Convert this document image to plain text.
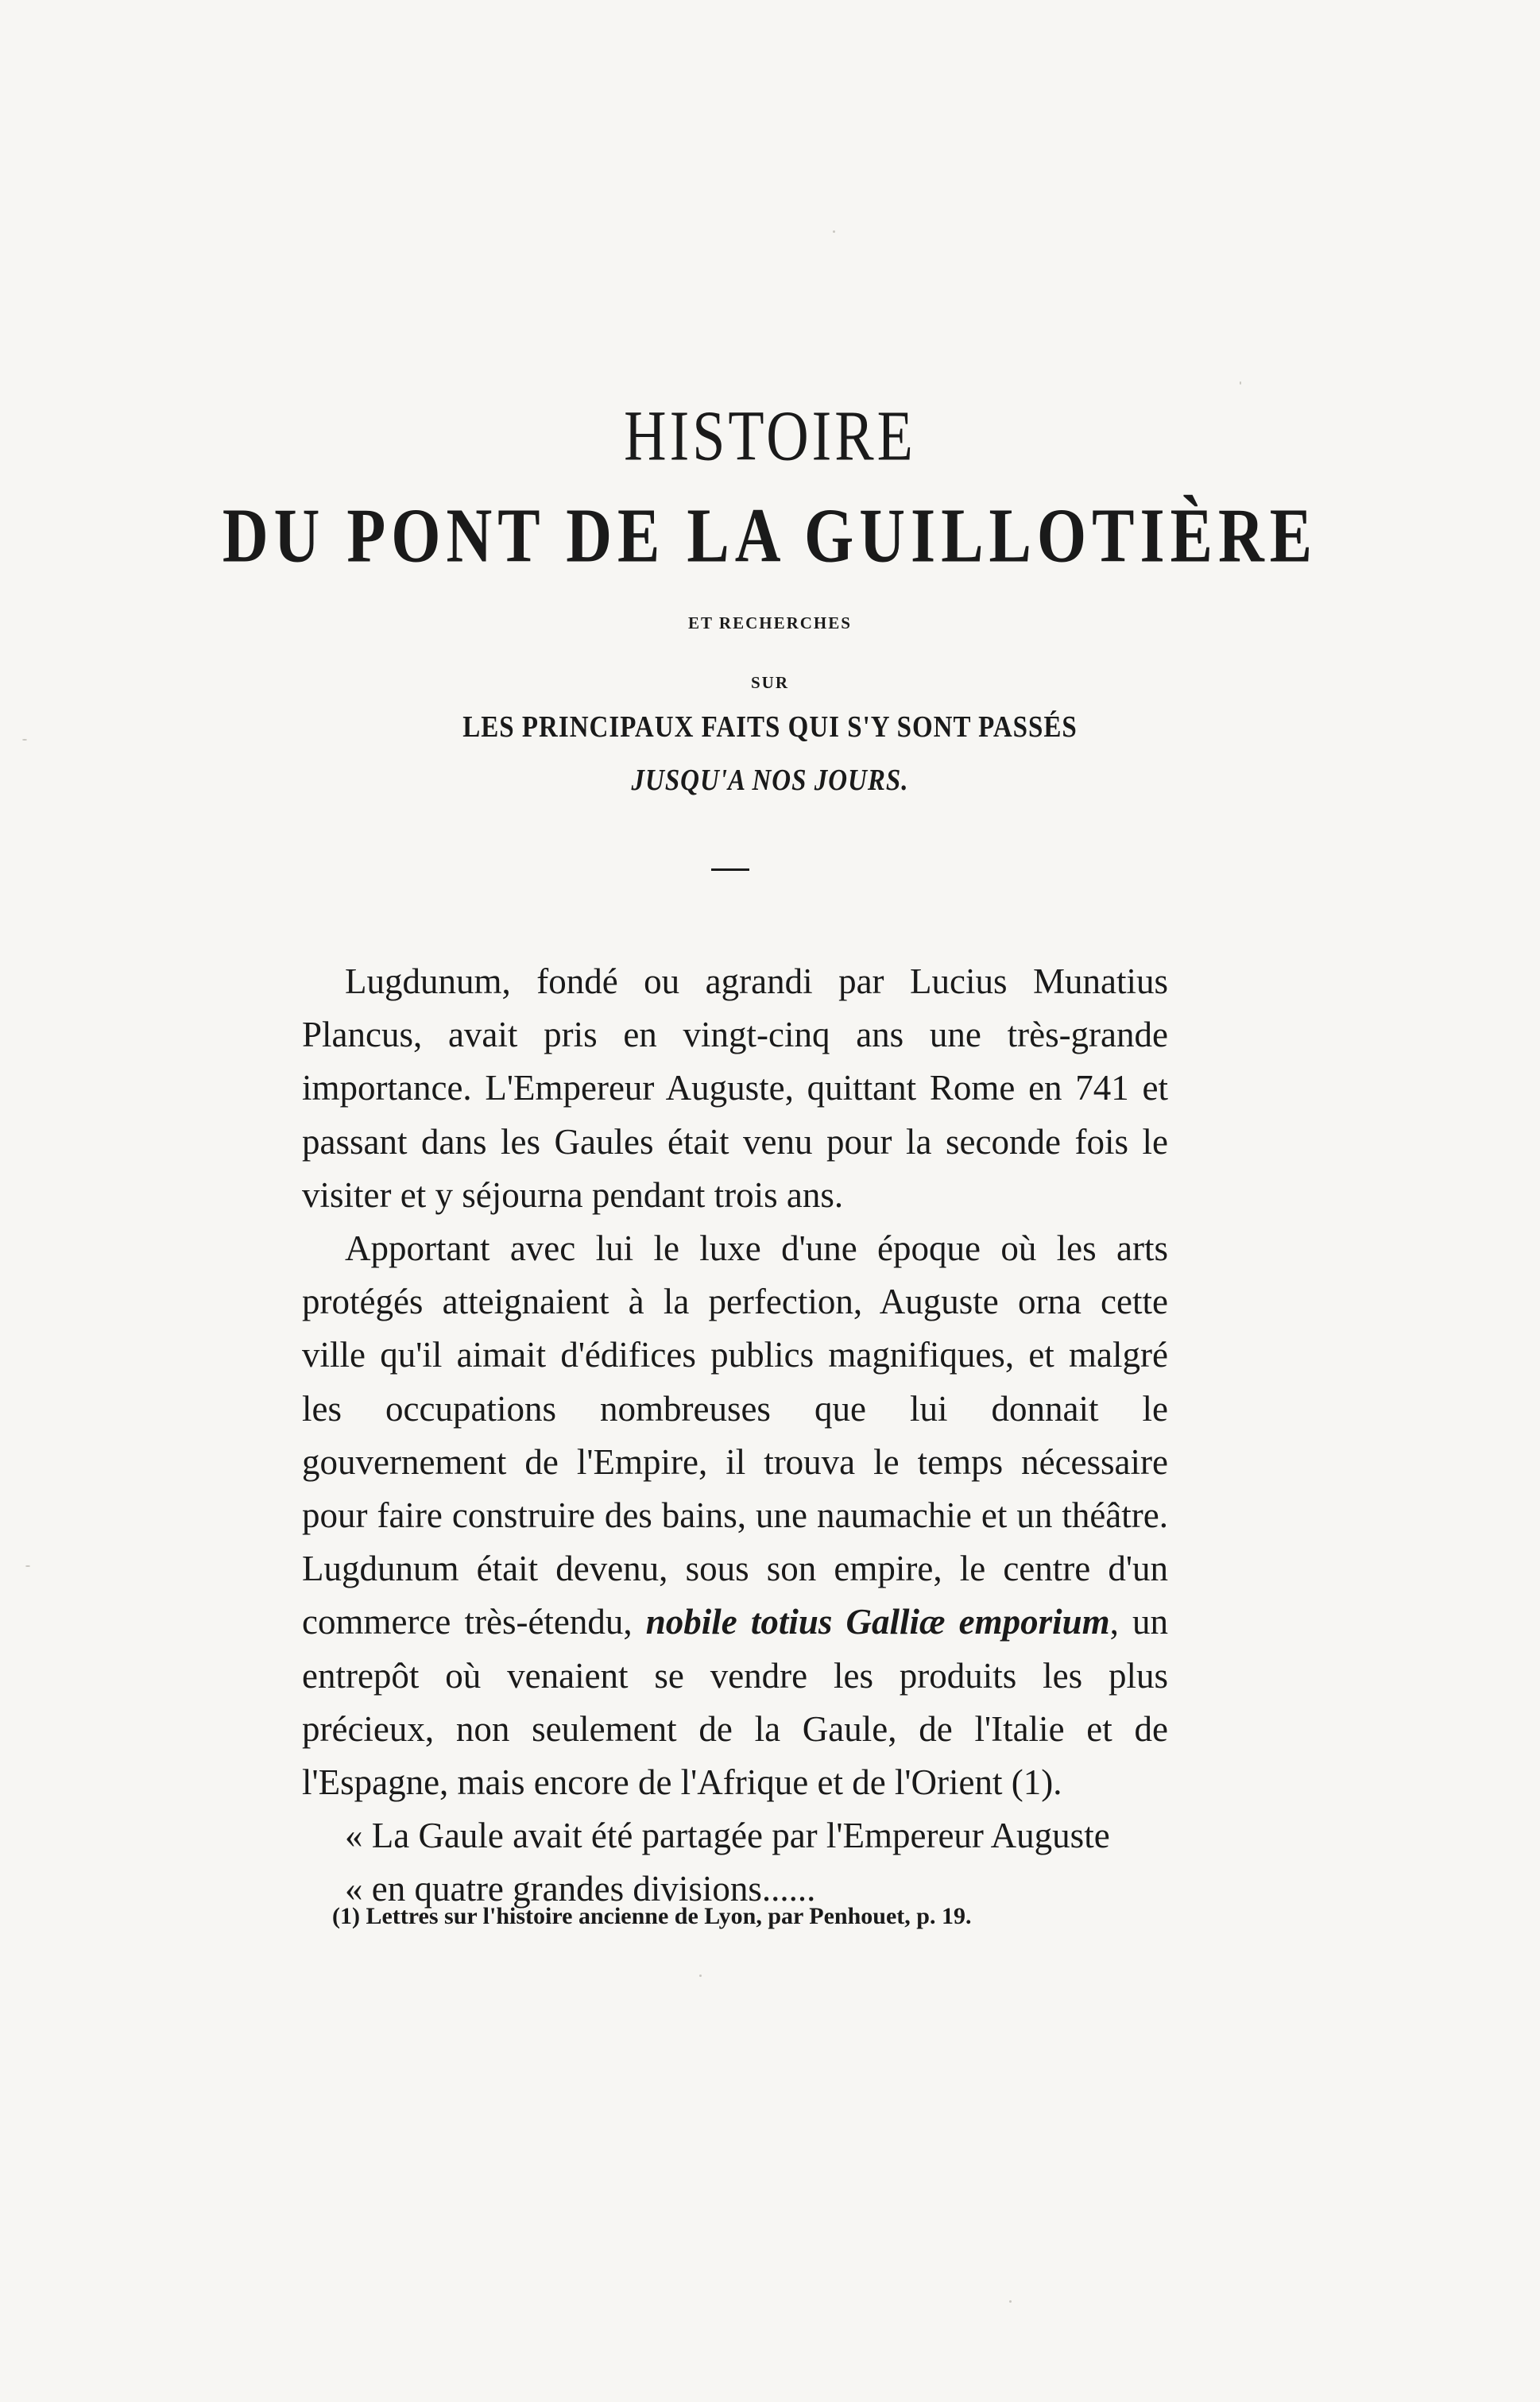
HISTOIRE
DU PONT DE LA GUILLOTIÈRE
ET RECHERCHES
SUR
LES PRINCIPAUX FAITS QUI S'Y SONT PASSÉS
JUSQU'A NOS JOURS.

Lugdunum, fondé ou agrandi par Lucius Munatius Plancus, avait pris en vingt-cinq ans une très-grande importance. L'Empereur Auguste, quittant Rome en 741 et passant dans les Gaules était venu pour la seconde fois le visiter et y séjourna pendant trois ans.

Apportant avec lui le luxe d'une époque où les arts protégés atteignaient à la perfection, Auguste orna cette ville qu'il aimait d'édifices publics magnifiques, et malgré les occupations nombreuses que lui donnait le gouvernement de l'Empire, il trouva le temps nécessaire pour faire construire des bains, une naumachie et un théâtre. Lugdunum était devenu, sous son empire, le centre d'un commerce très-étendu, nobile totius Galliæ emporium, un entrepôt où venaient se vendre les produits les plus précieux, non seulement de la Gaule, de l'Italie et de l'Espagne, mais encore de l'Afrique et de l'Orient (1).

« La Gaule avait été partagée par l'Empereur Auguste

« en quatre grandes divisions......

(1) Lettres sur l'histoire ancienne de Lyon, par Penhouet, p. 19.
